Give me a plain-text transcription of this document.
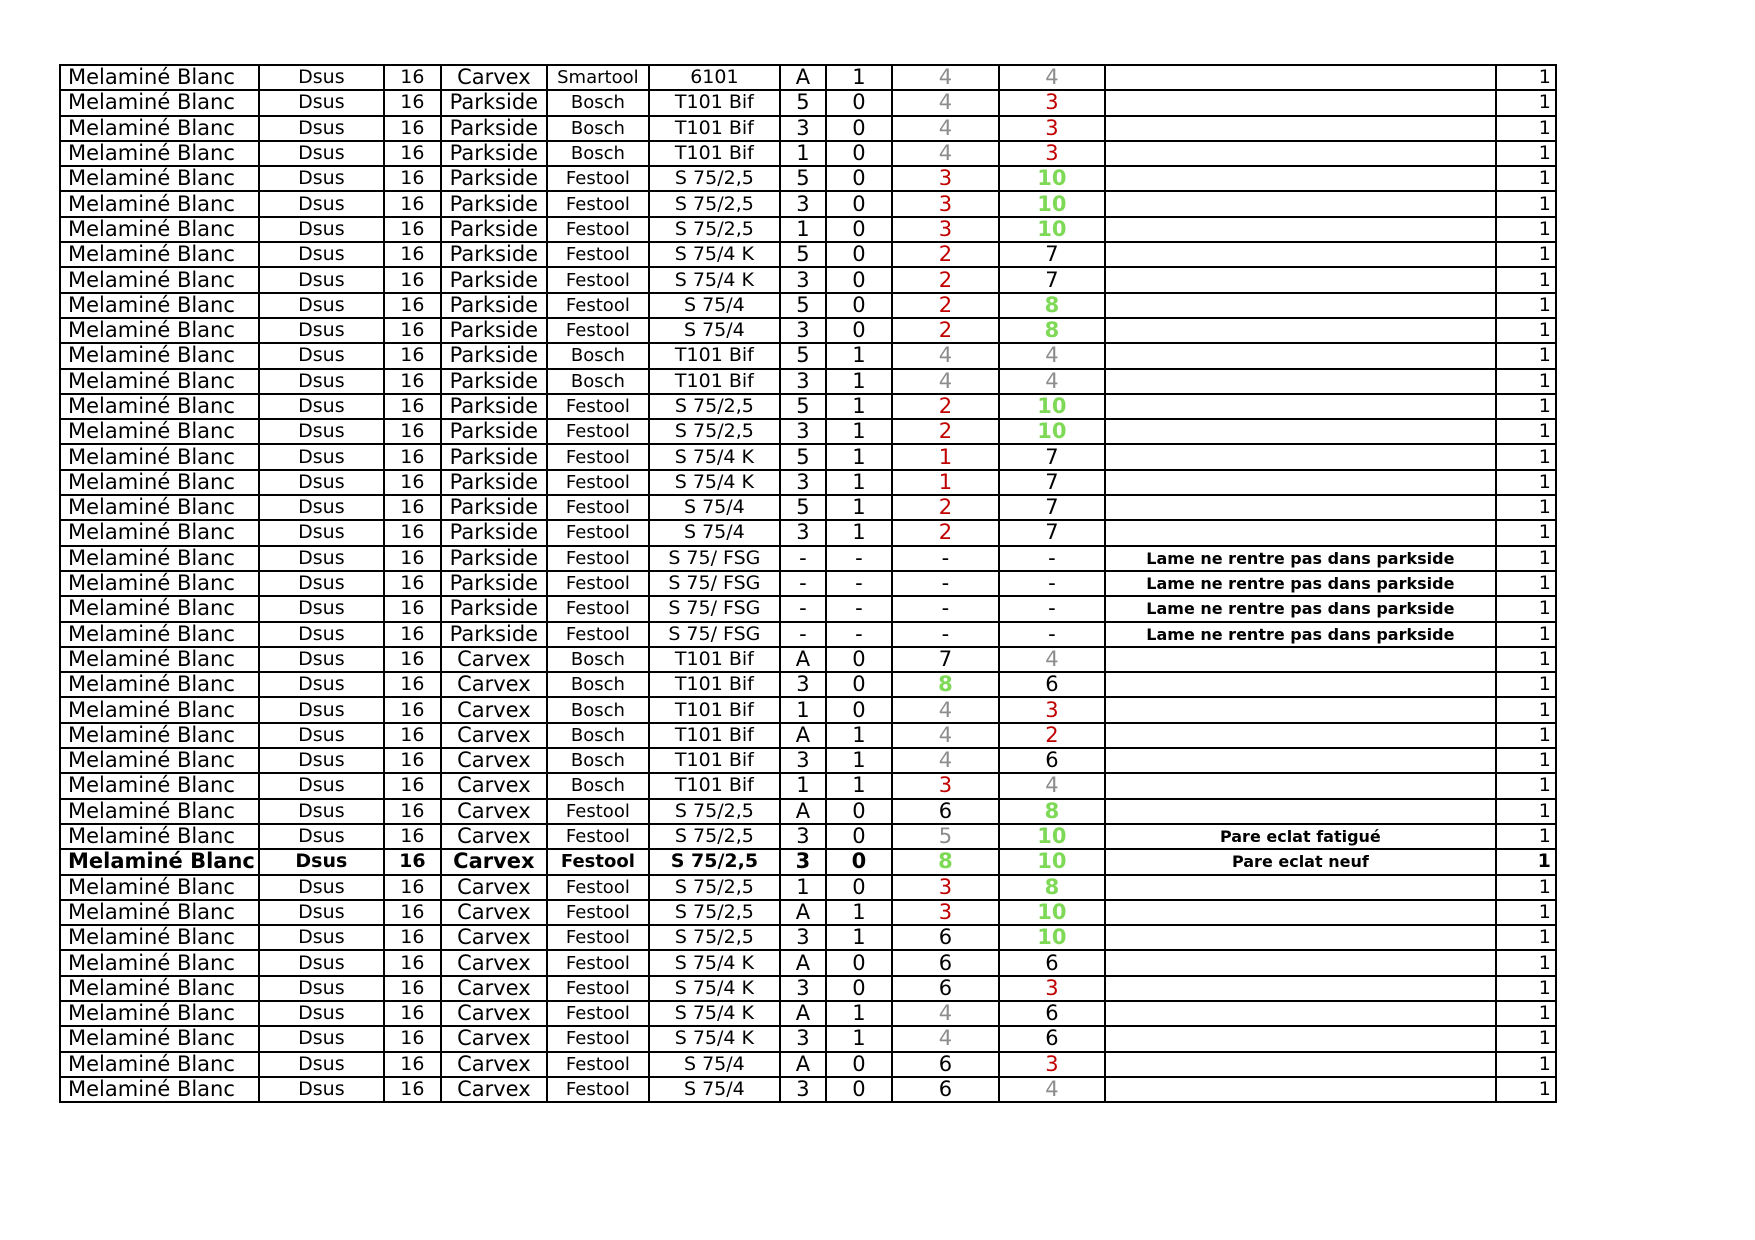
Melaminé Blanc	Dsus	16	Carvex	Smartool	6101	A	1	4	4		1
Melaminé Blanc	Dsus	16	Parkside	Bosch	T101 Bif	5	0	4	3		1
Melaminé Blanc	Dsus	16	Parkside	Bosch	T101 Bif	3	0	4	3		1
Melaminé Blanc	Dsus	16	Parkside	Bosch	T101 Bif	1	0	4	3		1
Melaminé Blanc	Dsus	16	Parkside	Festool	S 75/2,5	5	0	3	10		1
Melaminé Blanc	Dsus	16	Parkside	Festool	S 75/2,5	3	0	3	10		1
Melaminé Blanc	Dsus	16	Parkside	Festool	S 75/2,5	1	0	3	10		1
Melaminé Blanc	Dsus	16	Parkside	Festool	S 75/4 K	5	0	2	7		1
Melaminé Blanc	Dsus	16	Parkside	Festool	S 75/4 K	3	0	2	7		1
Melaminé Blanc	Dsus	16	Parkside	Festool	S 75/4	5	0	2	8		1
Melaminé Blanc	Dsus	16	Parkside	Festool	S 75/4	3	0	2	8		1
Melaminé Blanc	Dsus	16	Parkside	Bosch	T101 Bif	5	1	4	4		1
Melaminé Blanc	Dsus	16	Parkside	Bosch	T101 Bif	3	1	4	4		1
Melaminé Blanc	Dsus	16	Parkside	Festool	S 75/2,5	5	1	2	10		1
Melaminé Blanc	Dsus	16	Parkside	Festool	S 75/2,5	3	1	2	10		1
Melaminé Blanc	Dsus	16	Parkside	Festool	S 75/4 K	5	1	1	7		1
Melaminé Blanc	Dsus	16	Parkside	Festool	S 75/4 K	3	1	1	7		1
Melaminé Blanc	Dsus	16	Parkside	Festool	S 75/4	5	1	2	7		1
Melaminé Blanc	Dsus	16	Parkside	Festool	S 75/4	3	1	2	7		1
Melaminé Blanc	Dsus	16	Parkside	Festool	S 75/ FSG	-	-	-	-	Lame ne rentre pas dans parkside	1
Melaminé Blanc	Dsus	16	Parkside	Festool	S 75/ FSG	-	-	-	-	Lame ne rentre pas dans parkside	1
Melaminé Blanc	Dsus	16	Parkside	Festool	S 75/ FSG	-	-	-	-	Lame ne rentre pas dans parkside	1
Melaminé Blanc	Dsus	16	Parkside	Festool	S 75/ FSG	-	-	-	-	Lame ne rentre pas dans parkside	1
Melaminé Blanc	Dsus	16	Carvex	Bosch	T101 Bif	A	0	7	4		1
Melaminé Blanc	Dsus	16	Carvex	Bosch	T101 Bif	3	0	8	6		1
Melaminé Blanc	Dsus	16	Carvex	Bosch	T101 Bif	1	0	4	3		1
Melaminé Blanc	Dsus	16	Carvex	Bosch	T101 Bif	A	1	4	2		1
Melaminé Blanc	Dsus	16	Carvex	Bosch	T101 Bif	3	1	4	6		1
Melaminé Blanc	Dsus	16	Carvex	Bosch	T101 Bif	1	1	3	4		1
Melaminé Blanc	Dsus	16	Carvex	Festool	S 75/2,5	A	0	6	8		1
Melaminé Blanc	Dsus	16	Carvex	Festool	S 75/2,5	3	0	5	10	Pare eclat fatigué	1
Melaminé Blanc	Dsus	16	Carvex	Festool	S 75/2,5	3	0	8	10	Pare eclat neuf	1
Melaminé Blanc	Dsus	16	Carvex	Festool	S 75/2,5	1	0	3	8		1
Melaminé Blanc	Dsus	16	Carvex	Festool	S 75/2,5	A	1	3	10		1
Melaminé Blanc	Dsus	16	Carvex	Festool	S 75/2,5	3	1	6	10		1
Melaminé Blanc	Dsus	16	Carvex	Festool	S 75/4 K	A	0	6	6		1
Melaminé Blanc	Dsus	16	Carvex	Festool	S 75/4 K	3	0	6	3		1
Melaminé Blanc	Dsus	16	Carvex	Festool	S 75/4 K	A	1	4	6		1
Melaminé Blanc	Dsus	16	Carvex	Festool	S 75/4 K	3	1	4	6		1
Melaminé Blanc	Dsus	16	Carvex	Festool	S 75/4	A	0	6	3		1
Melaminé Blanc	Dsus	16	Carvex	Festool	S 75/4	3	0	6	4		1
